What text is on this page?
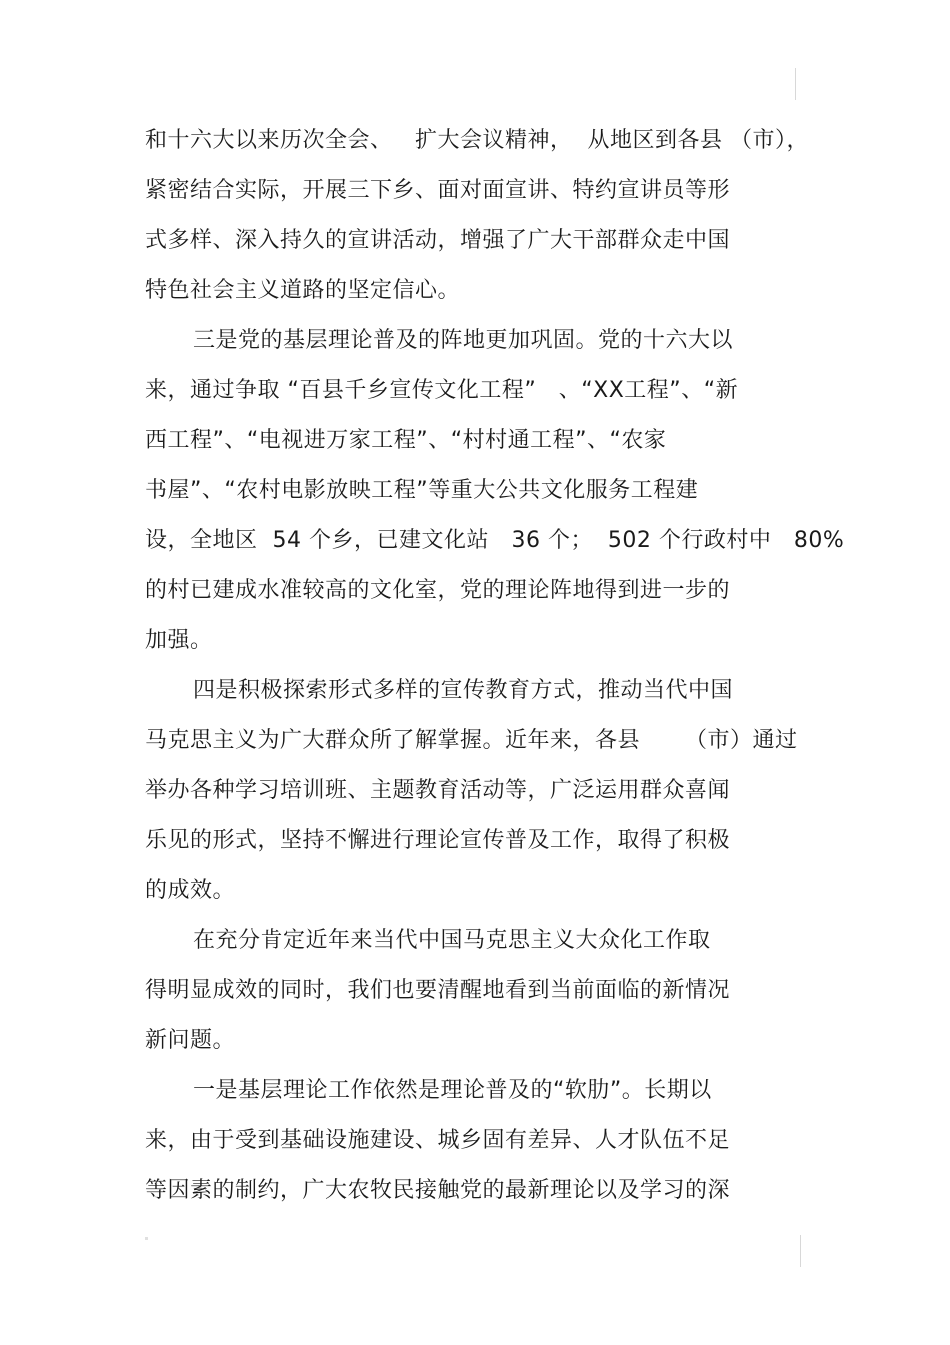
和十六大以来历次全会、   扩大会议精神，  从地区到各县 （市），
紧密结合实际，开展三下乡、面对面宣讲、特约宣讲员等形
式多样、深入持久的宣讲活动，增强了广大干部群众走中国
特色社会主义道路的坚定信心。
三是党的基层理论普及的阵地更加巩固。党的十六大以
来，通过争取 “百县千乡宣传文化工程”   、“XX工程”、“新
西工程”、“电视进万家工程”、“村村通工程”、“农家
书屋”、“农村电影放映工程”等重大公共文化服务工程建
设，全地区  54 个乡，已建文化站   36 个；  502 个行政村中   80%
的村已建成水准较高的文化室，党的理论阵地得到进一步的
加强。
四是积极探索形式多样的宣传教育方式，推动当代中国
马克思主义为广大群众所了解掌握。近年来，各县      （市）通过
举办各种学习培训班、主题教育活动等，广泛运用群众喜闻
乐见的形式，坚持不懈进行理论宣传普及工作，取得了积极
的成效。
在充分肯定近年来当代中国马克思主义大众化工作取
得明显成效的同时，我们也要清醒地看到当前面临的新情况
新问题。
一是基层理论工作依然是理论普及的“软肋”。长期以
来，由于受到基础设施建设、城乡固有差异、人才队伍不足
等因素的制约，广大农牧民接触党的最新理论以及学习的深
